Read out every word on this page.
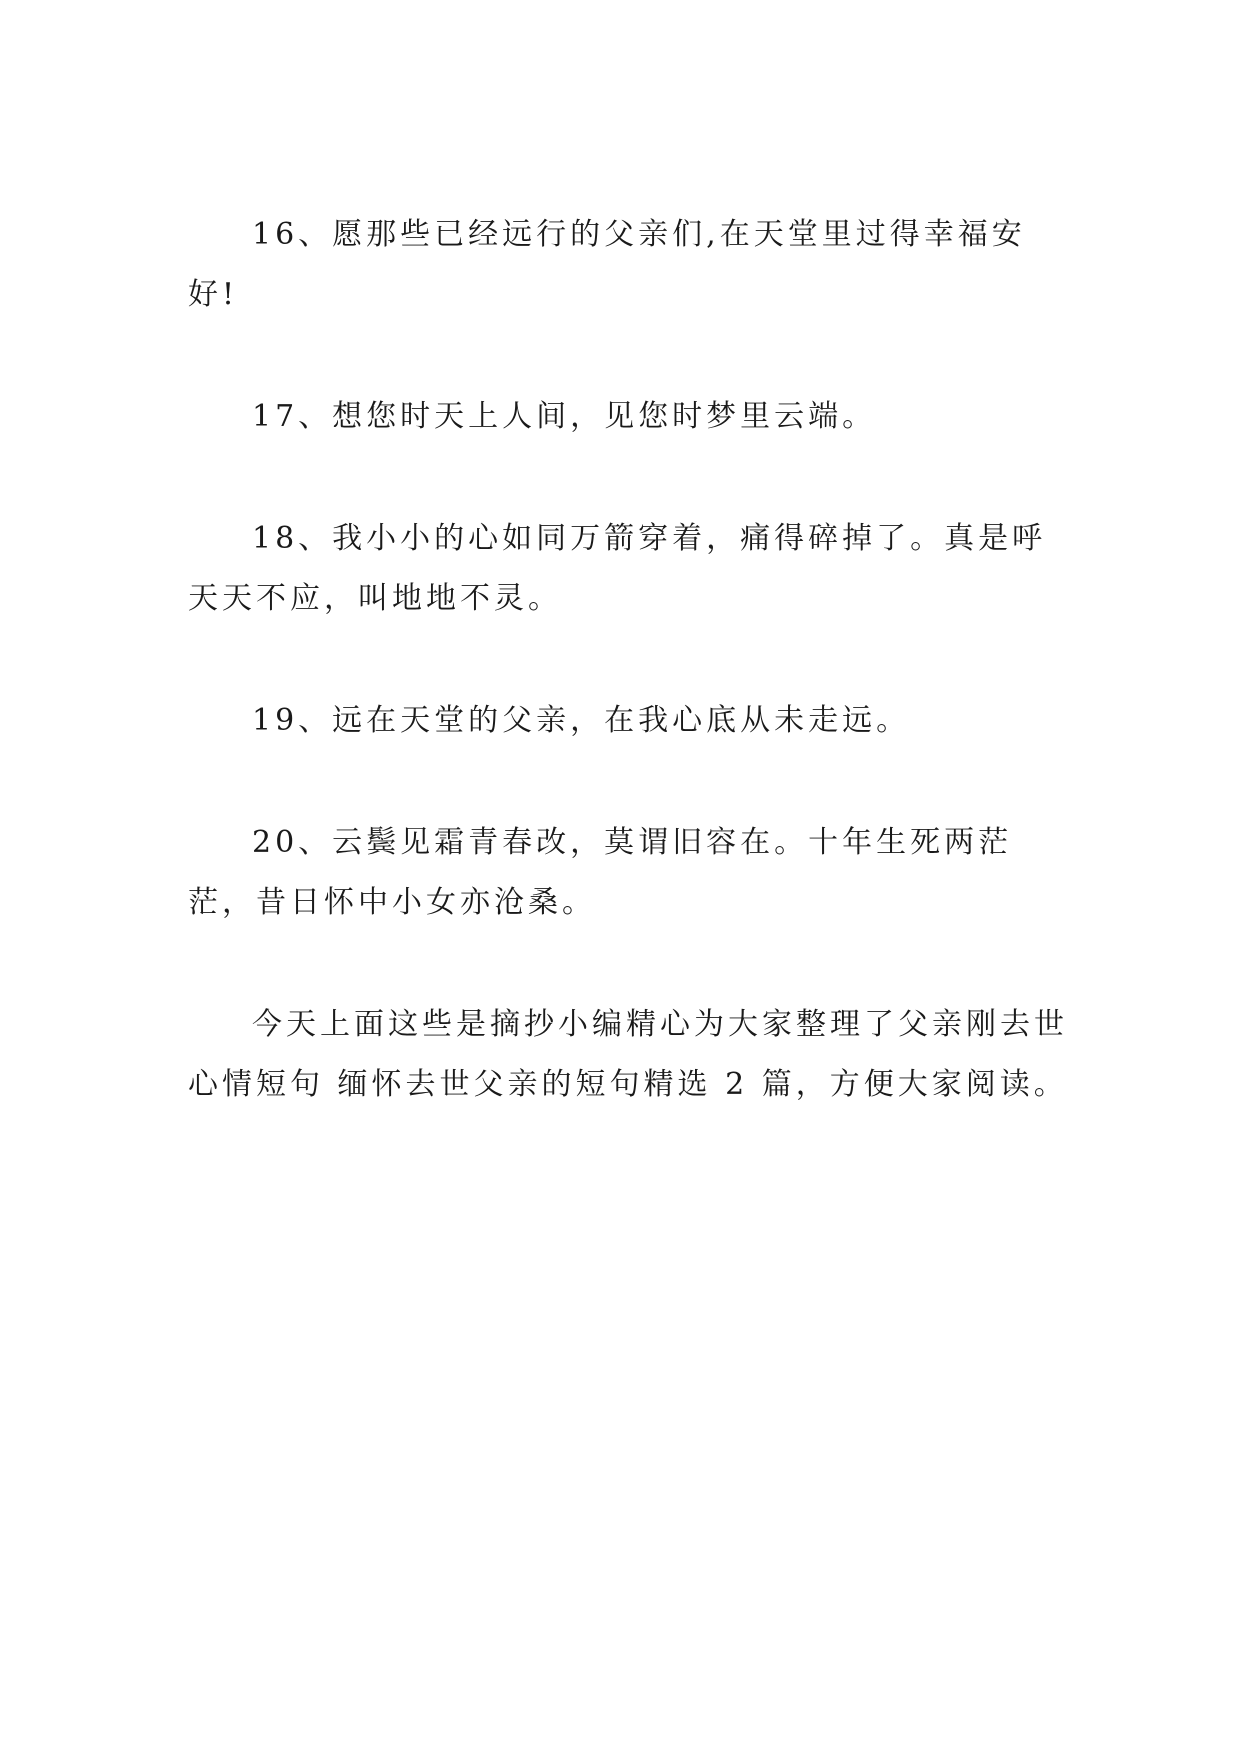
16、愿那些已经远行的父亲们,在天堂里过得幸福安好!

17、想您时天上人间，见您时梦里云端。

18、我小小的心如同万箭穿着，痛得碎掉了。真是呼天天不应，叫地地不灵。

19、远在天堂的父亲，在我心底从未走远。

20、云鬓见霜青春改，莫谓旧容在。十年生死两茫茫，昔日怀中小女亦沧桑。

今天上面这些是摘抄小编精心为大家整理了父亲刚去世心情短句 缅怀去世父亲的短句精选 2 篇，方便大家阅读。
